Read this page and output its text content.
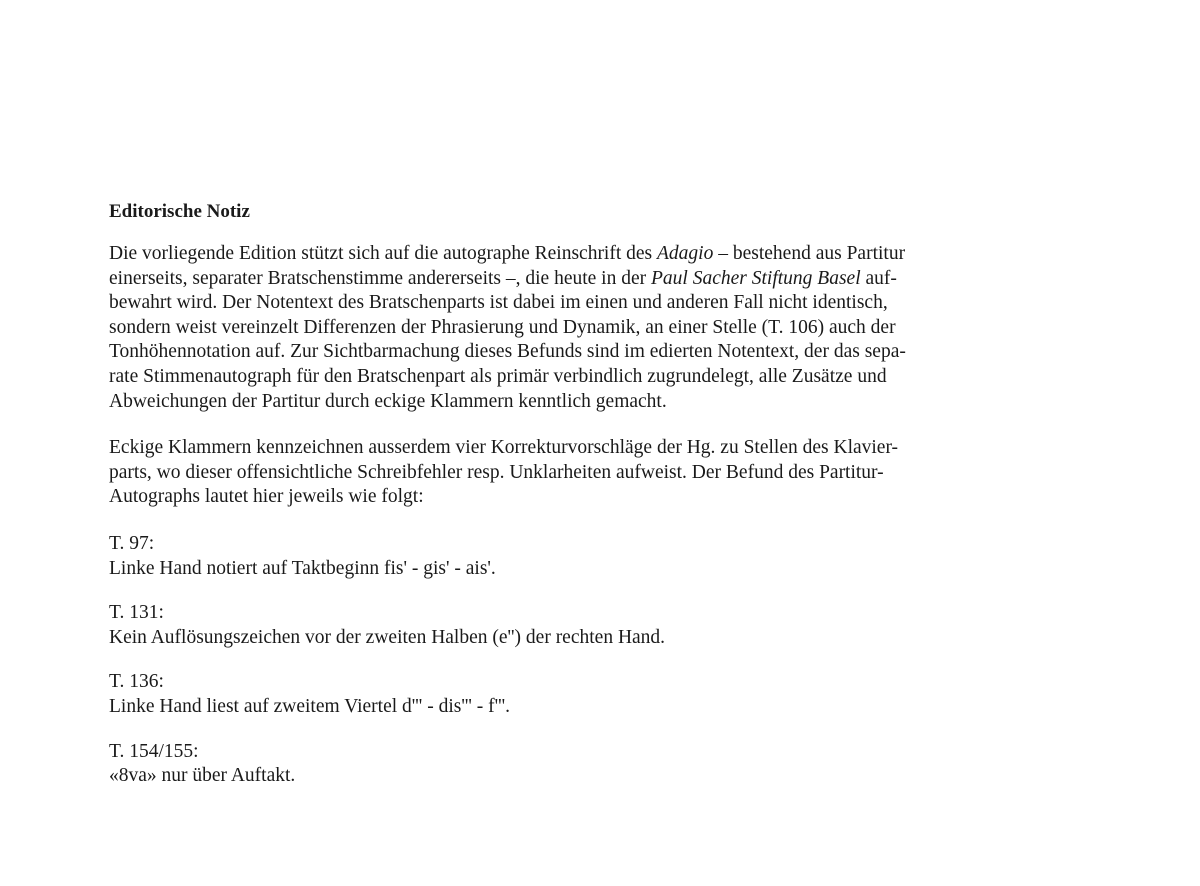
Editorische Notiz
Die vorliegende Edition stützt sich auf die autographe Reinschrift des Adagio – bestehend aus Partitur
einerseits, separater Bratschenstimme andererseits –, die heute in der Paul Sacher Stiftung Basel auf-
bewahrt wird. Der Notentext des Bratschenparts ist dabei im einen und anderen Fall nicht identisch,
sondern weist vereinzelt Differenzen der Phrasierung und Dynamik, an einer Stelle (T. 106) auch der
Tonhöhennotation auf. Zur Sichtbarmachung dieses Befunds sind im edierten Notentext, der das sepa-
rate Stimmenautograph für den Bratschenpart als primär verbindlich zugrundelegt, alle Zusätze und
Abweichungen der Partitur durch eckige Klammern kenntlich gemacht.
Eckige Klammern kennzeichnen ausserdem vier Korrekturvorschläge der Hg. zu Stellen des Klavier-
parts, wo dieser offensichtliche Schreibfehler resp. Unklarheiten aufweist. Der Befund des Partitur-
Autographs lautet hier jeweils wie folgt:
T. 97:
Linke Hand notiert auf Taktbeginn fis' - gis' - ais'.
T. 131:
Kein Auflösungszeichen vor der zweiten Halben (e'') der rechten Hand.
T. 136:
Linke Hand liest auf zweitem Viertel d''' - dis''' - f'''.
T. 154/155:
«8va» nur über Auftakt.
